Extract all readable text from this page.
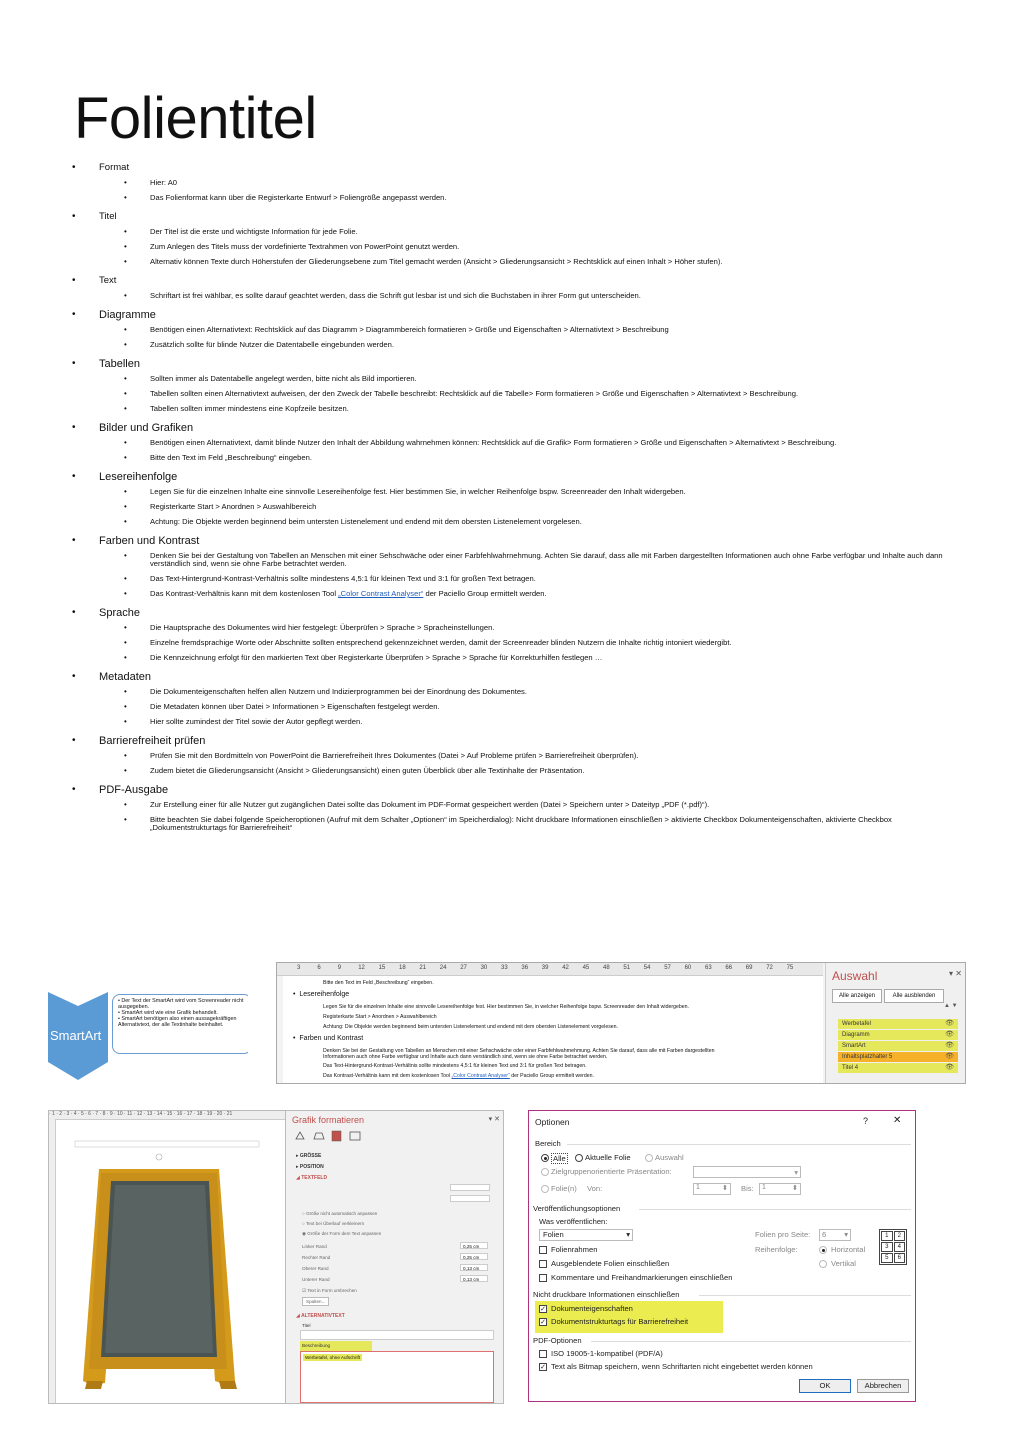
Folientitel
• Format
• Hier: A0
• Das Folienformat kann über die Registerkarte Entwurf > Foliengröße angepasst werden.
• Titel
• Der Titel ist die erste und wichtigste Information für jede Folie.
• Zum Anlegen des Titels muss der vordefinierte Textrahmen von PowerPoint genutzt werden.
• Alternativ können Texte durch Höherstufen der Gliederungsebene zum Titel gemacht werden (Ansicht > Gliederungsansicht > Rechtsklick auf einen Inhalt > Höher stufen).
• Text
• Schriftart ist frei wählbar, es sollte darauf geachtet werden, dass die Schrift gut lesbar ist und sich die Buchstaben in ihrer Form gut unterscheiden.
• Diagramme
• Benötigen einen Alternativtext: Rechtsklick auf das Diagramm > Diagrammbereich formatieren > Größe und Eigenschaften > Alternativtext > Beschreibung
• Zusätzlich sollte für blinde Nutzer die Datentabelle eingebunden werden.
• Tabellen
• Sollten immer als Datentabelle angelegt werden, bitte nicht als Bild importieren.
• Tabellen sollten einen Alternativtext aufweisen, der den Zweck der Tabelle beschreibt: Rechtsklick auf die Tabelle> Form formatieren > Größe und Eigenschaften > Alternativtext > Beschreibung.
• Tabellen sollten immer mindestens eine Kopfzeile besitzen.
• Bilder und Grafiken
• Benötigen einen Alternativtext, damit blinde Nutzer den Inhalt der Abbildung wahrnehmen können: Rechtsklick auf die Grafik> Form formatieren > Größe und Eigenschaften > Alternativtext > Beschreibung.
• Bitte den Text im Feld „Beschreibung“ eingeben.
• Lesereihenfolge
• Legen Sie für die einzelnen Inhalte eine sinnvolle Lesereihenfolge fest. Hier bestimmen Sie, in welcher Reihenfolge bspw. Screenreader den Inhalt widergeben.
• Registerkarte Start > Anordnen > Auswahlbereich
• Achtung: Die Objekte werden beginnend beim untersten Listenelement und endend mit dem obersten Listenelement vorgelesen.
• Farben und Kontrast
• Denken Sie bei der Gestaltung von Tabellen an Menschen mit einer Sehschwäche oder einer Farbfehlwahrnehmung. Achten Sie darauf, dass alle mit Farben dargestellten Informationen auch ohne Farbe verfügbar und Inhalte auch dann verständlich sind, wenn sie ohne Farbe betrachtet werden.
• Das Text-Hintergrund-Kontrast-Verhältnis sollte mindestens 4,5:1 für kleinen Text und 3:1 für großen Text betragen.
• Das Kontrast-Verhältnis kann mit dem kostenlosen Tool „Color Contrast Analyser“ der Paciello Group ermittelt werden.
• Sprache
• Die Hauptsprache des Dokumentes wird hier festgelegt: Überprüfen > Sprache > Spracheinstellungen.
• Einzelne fremdsprachige Worte oder Abschnitte sollten entsprechend gekennzeichnet werden, damit der Screenreader blinden Nutzern die Inhalte richtig intoniert wiedergibt.
• Die Kennzeichnung erfolgt für den markierten Text über Registerkarte Überprüfen > Sprache > Sprache für Korrekturhilfen festlegen …
• Metadaten
• Die Dokumenteigenschaften helfen allen Nutzern und Indizierprogrammen bei der Einordnung des Dokumentes.
• Die Metadaten können über Datei > Informationen > Eigenschaften festgelegt werden.
• Hier sollte zumindest der Titel sowie der Autor gepflegt werden.
• Barrierefreiheit prüfen
• Prüfen Sie mit den Bordmitteln von PowerPoint die Barrierefreiheit Ihres Dokumentes (Datei > Auf Probleme prüfen > Barrierefreiheit überprüfen).
• Zudem bietet die Gliederungsansicht (Ansicht > Gliederungsansicht) einen guten Überblick über alle Textinhalte der Präsentation.
• PDF-Ausgabe
• Zur Erstellung einer für alle Nutzer gut zugänglichen Datei sollte das Dokument im PDF-Format gespeichert werden (Datei > Speichern unter > Dateityp „PDF (*.pdf)“).
• Bitte beachten Sie dabei folgende Speicheroptionen (Aufruf mit dem Schalter „Optionen“ im Speicherdialog): Nicht druckbare Informationen einschließen > aktivierte Checkbox Dokumenteigenschaften, aktivierte Checkbox „Dokumentstrukturtags für Barrierefreiheit“
SmartArt
• Der Text der SmartArt wird vom Screenreader nicht ausgegeben.
• SmartArt wird wie eine Grafik behandelt.
• SmartArt benötigen also einen aussagekräftigen Alternativtext, der alle Textinhalte beinhaltet.
3	6	9	12 15 18 21 24 27 30 33 36 39 42 45 48 51 54 57 60 63 66 69 72 75
Bitte den Text im Feld „Beschreibung“ eingeben.
•  Lesereihenfolge
Legen Sie für die einzelnen Inhalte eine sinnvolle Lesereihenfolge fest. Hier bestimmen Sie, in welcher Reihenfolge bspw. Screenreader den Inhalt widergeben.
Registerkarte Start > Anordnen > Auswahlbereich
Achtung: Die Objekte werden beginnend beim untersten Listenelement und endend mit dem obersten Listenelement vorgelesen.
•  Farben und Kontrast
Denken Sie bei der Gestaltung von Tabellen an Menschen mit einer Sehschwäche oder einer Farbfehlwahrnehmung. Achten Sie darauf, dass alle mit Farben dargestellten
Informationen auch ohne Farbe verfügbar und Inhalte auch dann verständlich sind, wenn sie ohne Farbe betrachtet werden.
Das Text-Hintergrund-Kontrast-Verhältnis sollte mindestens 4,5:1 für kleinen Text und 3:1 für großen Text betragen.
Das Kontrast-Verhältnis kann mit dem kostenlosen Tool „Color Contrast Analyser“ der Paciello Group ermittelt werden.
Auswahl	▾ ✕
Alle anzeigen	Alle ausblenden
▲ ▼
Werbetafel	👁
Diagramm	👁
SmartArt	👁
Inhaltsplatzhalter 5	👁
Titel 4	👁
· 1 · 2 · 3 · 4 · 5 · 6 · 7 · 8 · 9 · 10 · 11 · 12 · 13 · 14 · 15 · 16 · 17 · 18 · 19 · 20 · 21
Grafik formatieren	▾ ✕
▸ GRÖSSE
▸ POSITION
◢ TEXTFELD
○ Größe nicht automatisch anpassen
○ Text bei Überlauf verkleinern
◉ Größe der Form dem Text anpassen
Linker Rand	0,25 cm
Rechter Rand	0,25 cm
Oberer Rand	0,13 cm
Unterer Rand	0,13 cm
☑ Text in Form umbrechen
Spalten...
◢ ALTERNATIVTEXT
Titel
Beschreibung
Werbetafel, ohne Aufschrift
Optionen	? ✕
Bereich
Alle	Aktuelle Folie	Auswahl
Zielgruppenorientierte Präsentation:	▾
Folie(n) Von:	1	⬍ Bis:	1	⬍
Veröffentlichungsoptionen
Was veröffentlichen:
Folien	▾	Folien pro Seite:	6 ▾	1	2
3	4
5	6
Folienrahmen	Reihenfolge:	Horizontal
Ausgeblendete Folien einschließen	Vertikal
Kommentare und Freihandmarkierungen einschließen
Nicht druckbare Informationen einschließen
✓ Dokumenteigenschaften
✓ Dokumentstrukturtags für Barrierefreiheit
PDF-Optionen
ISO 19005-1-kompatibel (PDF/A)
✓ Text als Bitmap speichern, wenn Schriftarten nicht eingebettet werden können
OK	Abbrechen
